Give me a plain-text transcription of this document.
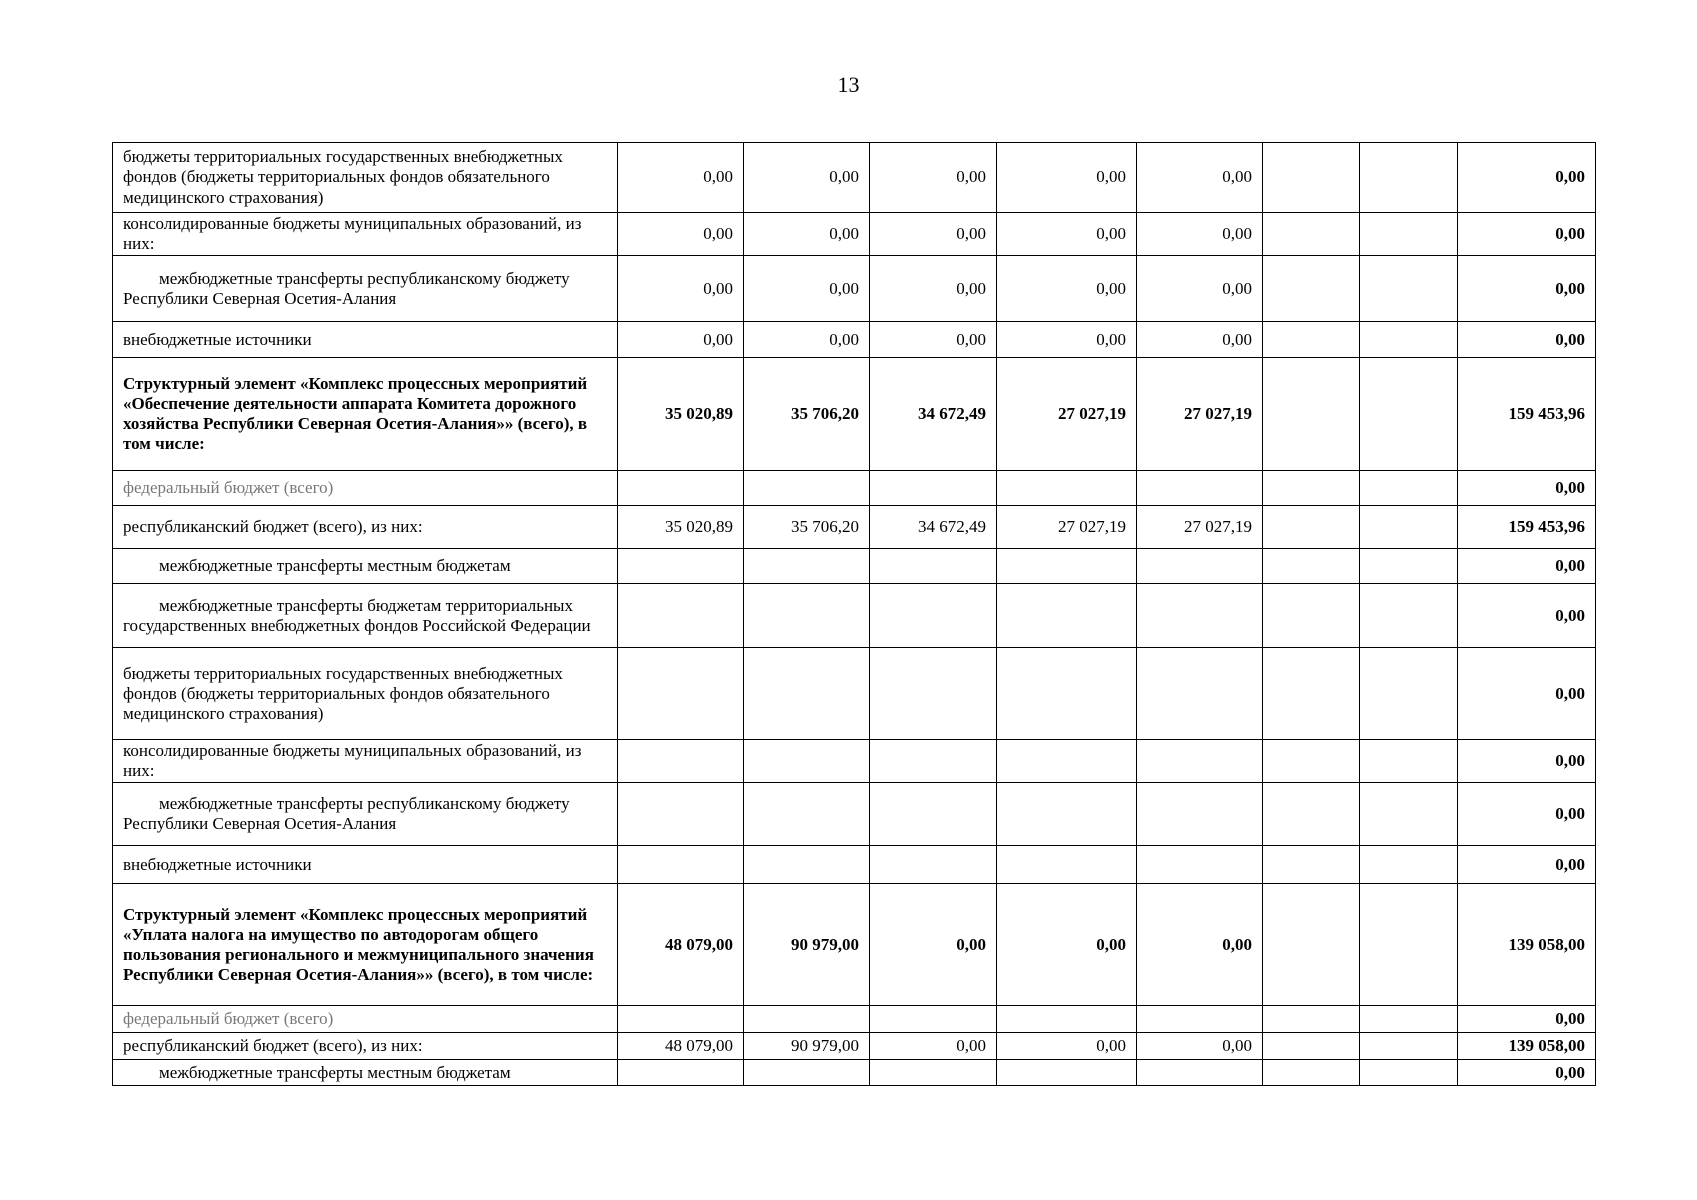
13
бюджеты территориальных государственных внебюджетных фондов (бюджеты территориальных фондов обязательного медицинского страхования)	0,00	0,00	0,00	0,00	0,00			0,00
консолидированные бюджеты муниципальных образований, из них:	0,00	0,00	0,00	0,00	0,00			0,00
межбюджетные трансферты республиканскому бюджету Республики Северная Осетия-Алания	0,00	0,00	0,00	0,00	0,00			0,00
внебюджетные источники	0,00	0,00	0,00	0,00	0,00			0,00
Структурный элемент «Комплекс процессных мероприятий «Обеспечение деятельности аппарата Комитета дорожного хозяйства Республики Северная Осетия-Алания»» (всего), в том числе:	35 020,89	35 706,20	34 672,49	27 027,19	27 027,19			159 453,96
федеральный бюджет (всего)								0,00
республиканский бюджет (всего), из них:	35 020,89	35 706,20	34 672,49	27 027,19	27 027,19			159 453,96
межбюджетные трансферты местным бюджетам								0,00
межбюджетные трансферты бюджетам территориальных государственных внебюджетных фондов Российской Федерации								0,00
бюджеты территориальных государственных внебюджетных фондов (бюджеты территориальных фондов обязательного медицинского страхования)								0,00
консолидированные бюджеты муниципальных образований, из них:								0,00
межбюджетные трансферты республиканскому бюджету Республики Северная Осетия-Алания								0,00
внебюджетные источники								0,00
Структурный элемент «Комплекс процессных мероприятий «Уплата налога на имущество по автодорогам общего пользования регионального и межмуниципального значения Республики Северная Осетия-Алания»» (всего), в том числе:	48 079,00	90 979,00	0,00	0,00	0,00			139 058,00
федеральный бюджет (всего)								0,00
республиканский бюджет (всего), из них:	48 079,00	90 979,00	0,00	0,00	0,00			139 058,00
межбюджетные трансферты местным бюджетам								0,00
